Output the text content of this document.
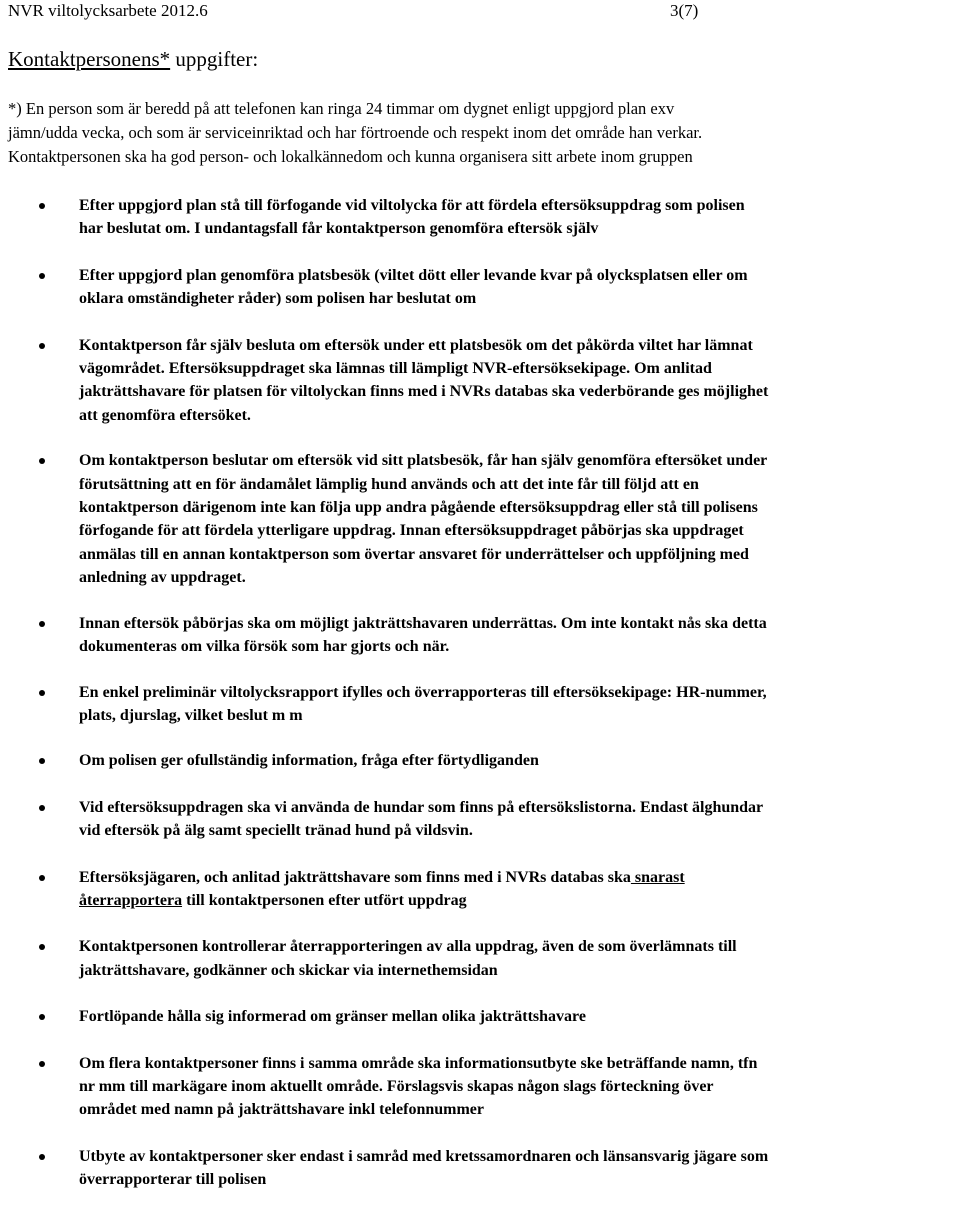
NVR viltolycksarbete 2012.6	3(7)
Kontaktpersonens* uppgifter:

*) En person som är beredd på att telefonen kan ringa 24 timmar om dygnet enligt uppgjord plan exv
jämn/udda vecka, och som är serviceinriktad och har förtroende och respekt inom det område han verkar.
Kontaktpersonen ska ha god person- och lokalkännedom och kunna organisera sitt arbete inom gruppen

Efter uppgjord plan stå till förfogande vid viltolycka för att fördela eftersöksuppdrag som polisen
har beslutat om. I undantagsfall får kontaktperson genomföra eftersök själv
Efter uppgjord plan genomföra platsbesök (viltet dött eller levande kvar på olycksplatsen eller om
oklara omständigheter råder) som polisen har beslutat om
Kontaktperson får själv besluta om eftersök under ett platsbesök om det påkörda viltet har lämnat
vägområdet. Eftersöksuppdraget ska lämnas till lämpligt NVR-eftersöksekipage. Om anlitad
jakträttshavare för platsen för viltolyckan finns med i NVRs databas ska vederbörande ges möjlighet
att genomföra eftersöket.
Om kontaktperson beslutar om eftersök vid sitt platsbesök, får han själv genomföra eftersöket under
förutsättning att en för ändamålet lämplig hund används och att det inte får till följd att en
kontaktperson därigenom inte kan följa upp andra pågående eftersöksuppdrag eller stå till polisens
förfogande för att fördela ytterligare uppdrag. Innan eftersöksuppdraget påbörjas ska uppdraget
anmälas till en annan kontaktperson som övertar ansvaret för underrättelser och uppföljning med
anledning av uppdraget.
Innan eftersök påbörjas ska om möjligt jakträttshavaren underrättas. Om inte kontakt nås ska detta
dokumenteras om vilka försök som har gjorts och när.
En enkel preliminär viltolycksrapport ifylles och överrapporteras till eftersöksekipage: HR-nummer,
plats, djurslag, vilket beslut m m
Om polisen ger ofullständig information, fråga efter förtydliganden
Vid eftersöksuppdragen ska vi använda de hundar som finns på eftersökslistorna. Endast älghundar
vid eftersök på älg samt speciellt tränad hund på vildsvin.
Eftersöksjägaren, och anlitad jakträttshavare som finns med i NVRs databas ska snarast
återrapportera till kontaktpersonen efter utfört uppdrag
Kontaktpersonen kontrollerar återrapporteringen av alla uppdrag, även de som överlämnats till
jakträttshavare, godkänner och skickar via internethemsidan
Fortlöpande hålla sig informerad om gränser mellan olika jakträttshavare
Om flera kontaktpersoner finns i samma område ska informationsutbyte ske beträffande namn, tfn
nr mm till markägare inom aktuellt område. Förslagsvis skapas någon slags förteckning över
området med namn på jakträttshavare inkl telefonnummer
Utbyte av kontaktpersoner sker endast i samråd med kretssamordnaren och länsansvarig jägare som
överrapporterar till polisen
